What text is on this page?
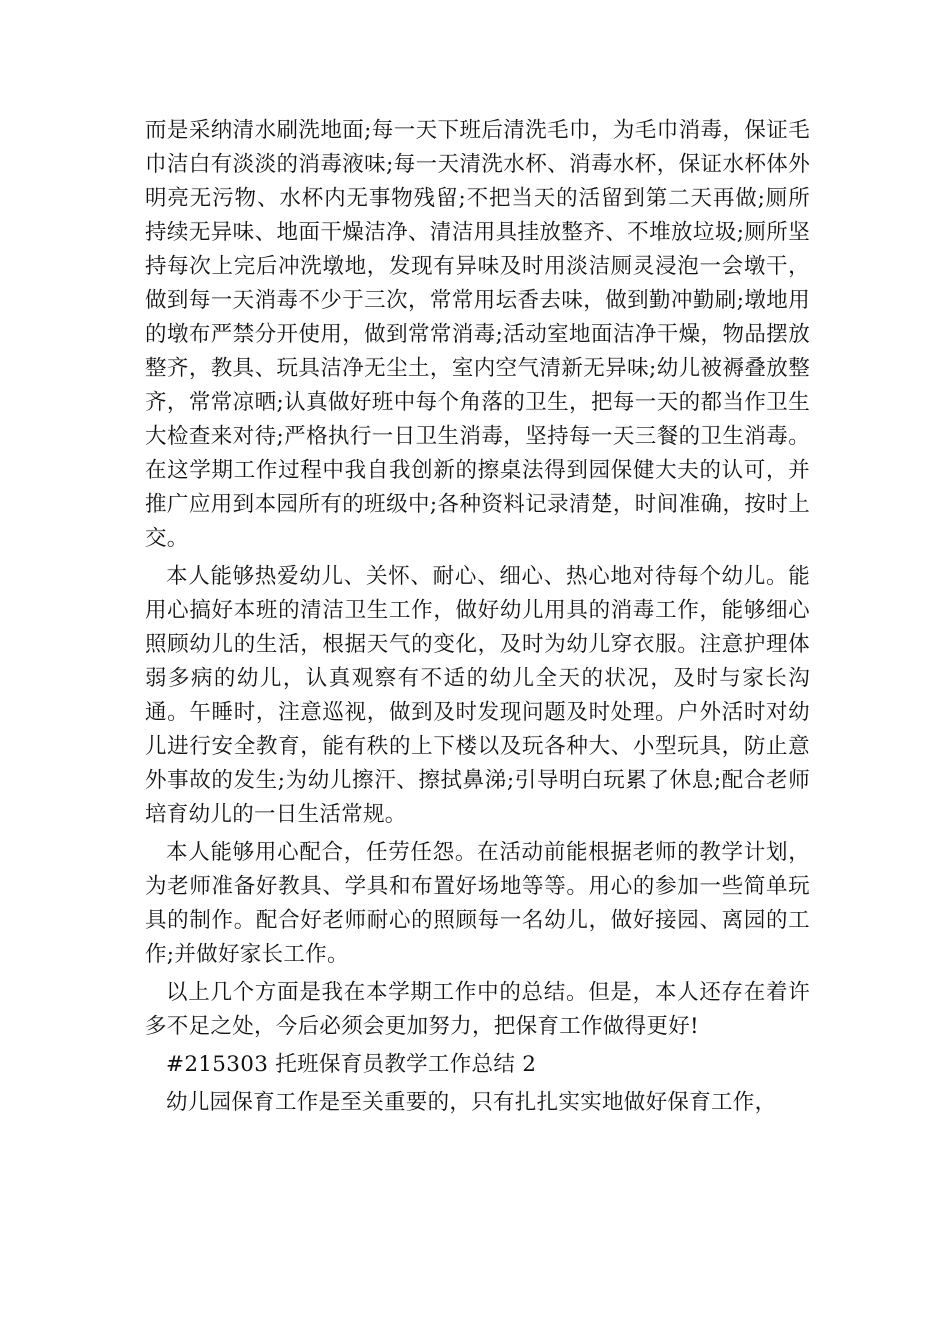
而是采纳清水刷洗地面;每一天下班后清洗毛巾，为毛巾消毒，保证毛巾洁白有淡淡的消毒液味;每一天清洗水杯、消毒水杯，保证水杯体外明亮无污物、水杯内无事物残留;不把当天的活留到第二天再做;厕所持续无异味、地面干燥洁净、清洁用具挂放整齐、不堆放垃圾;厕所坚持每次上完后冲洗墩地，发现有异味及时用淡洁厕灵浸泡一会墩干，做到每一天消毒不少于三次，常常用坛香去味，做到勤冲勤刷;墩地用的墩布严禁分开使用，做到常常消毒;活动室地面洁净干燥，物品摆放整齐，教具、玩具洁净无尘土，室内空气清新无异味;幼儿被褥叠放整齐，常常凉晒;认真做好班中每个角落的卫生，把每一天的都当作卫生大检查来对待;严格执行一日卫生消毒，坚持每一天三餐的卫生消毒。在这学期工作过程中我自我创新的擦桌法得到园保健大夫的认可，并推广应用到本园所有的班级中;各种资料记录清楚，时间准确，按时上交。

本人能够热爱幼儿、关怀、耐心、细心、热心地对待每个幼儿。能用心搞好本班的清洁卫生工作，做好幼儿用具的消毒工作，能够细心照顾幼儿的生活，根据天气的变化，及时为幼儿穿衣服。注意护理体弱多病的幼儿，认真观察有不适的幼儿全天的状况，及时与家长沟通。午睡时，注意巡视，做到及时发现问题及时处理。户外活时对幼儿进行安全教育，能有秩的上下楼以及玩各种大、小型玩具，防止意外事故的发生;为幼儿擦汗、擦拭鼻涕;引导明白玩累了休息;配合老师培育幼儿的一日生活常规。

本人能够用心配合，任劳任怨。在活动前能根据老师的教学计划，为老师准备好教具、学具和布置好场地等等。用心的参加一些简单玩具的制作。配合好老师耐心的照顾每一名幼儿，做好接园、离园的工作;并做好家长工作。

以上几个方面是我在本学期工作中的总结。但是，本人还存在着许多不足之处，今后必须会更加努力，把保育工作做得更好!

#215303 托班保育员教学工作总结 2

幼儿园保育工作是至关重要的，只有扎扎实实地做好保育工作，
